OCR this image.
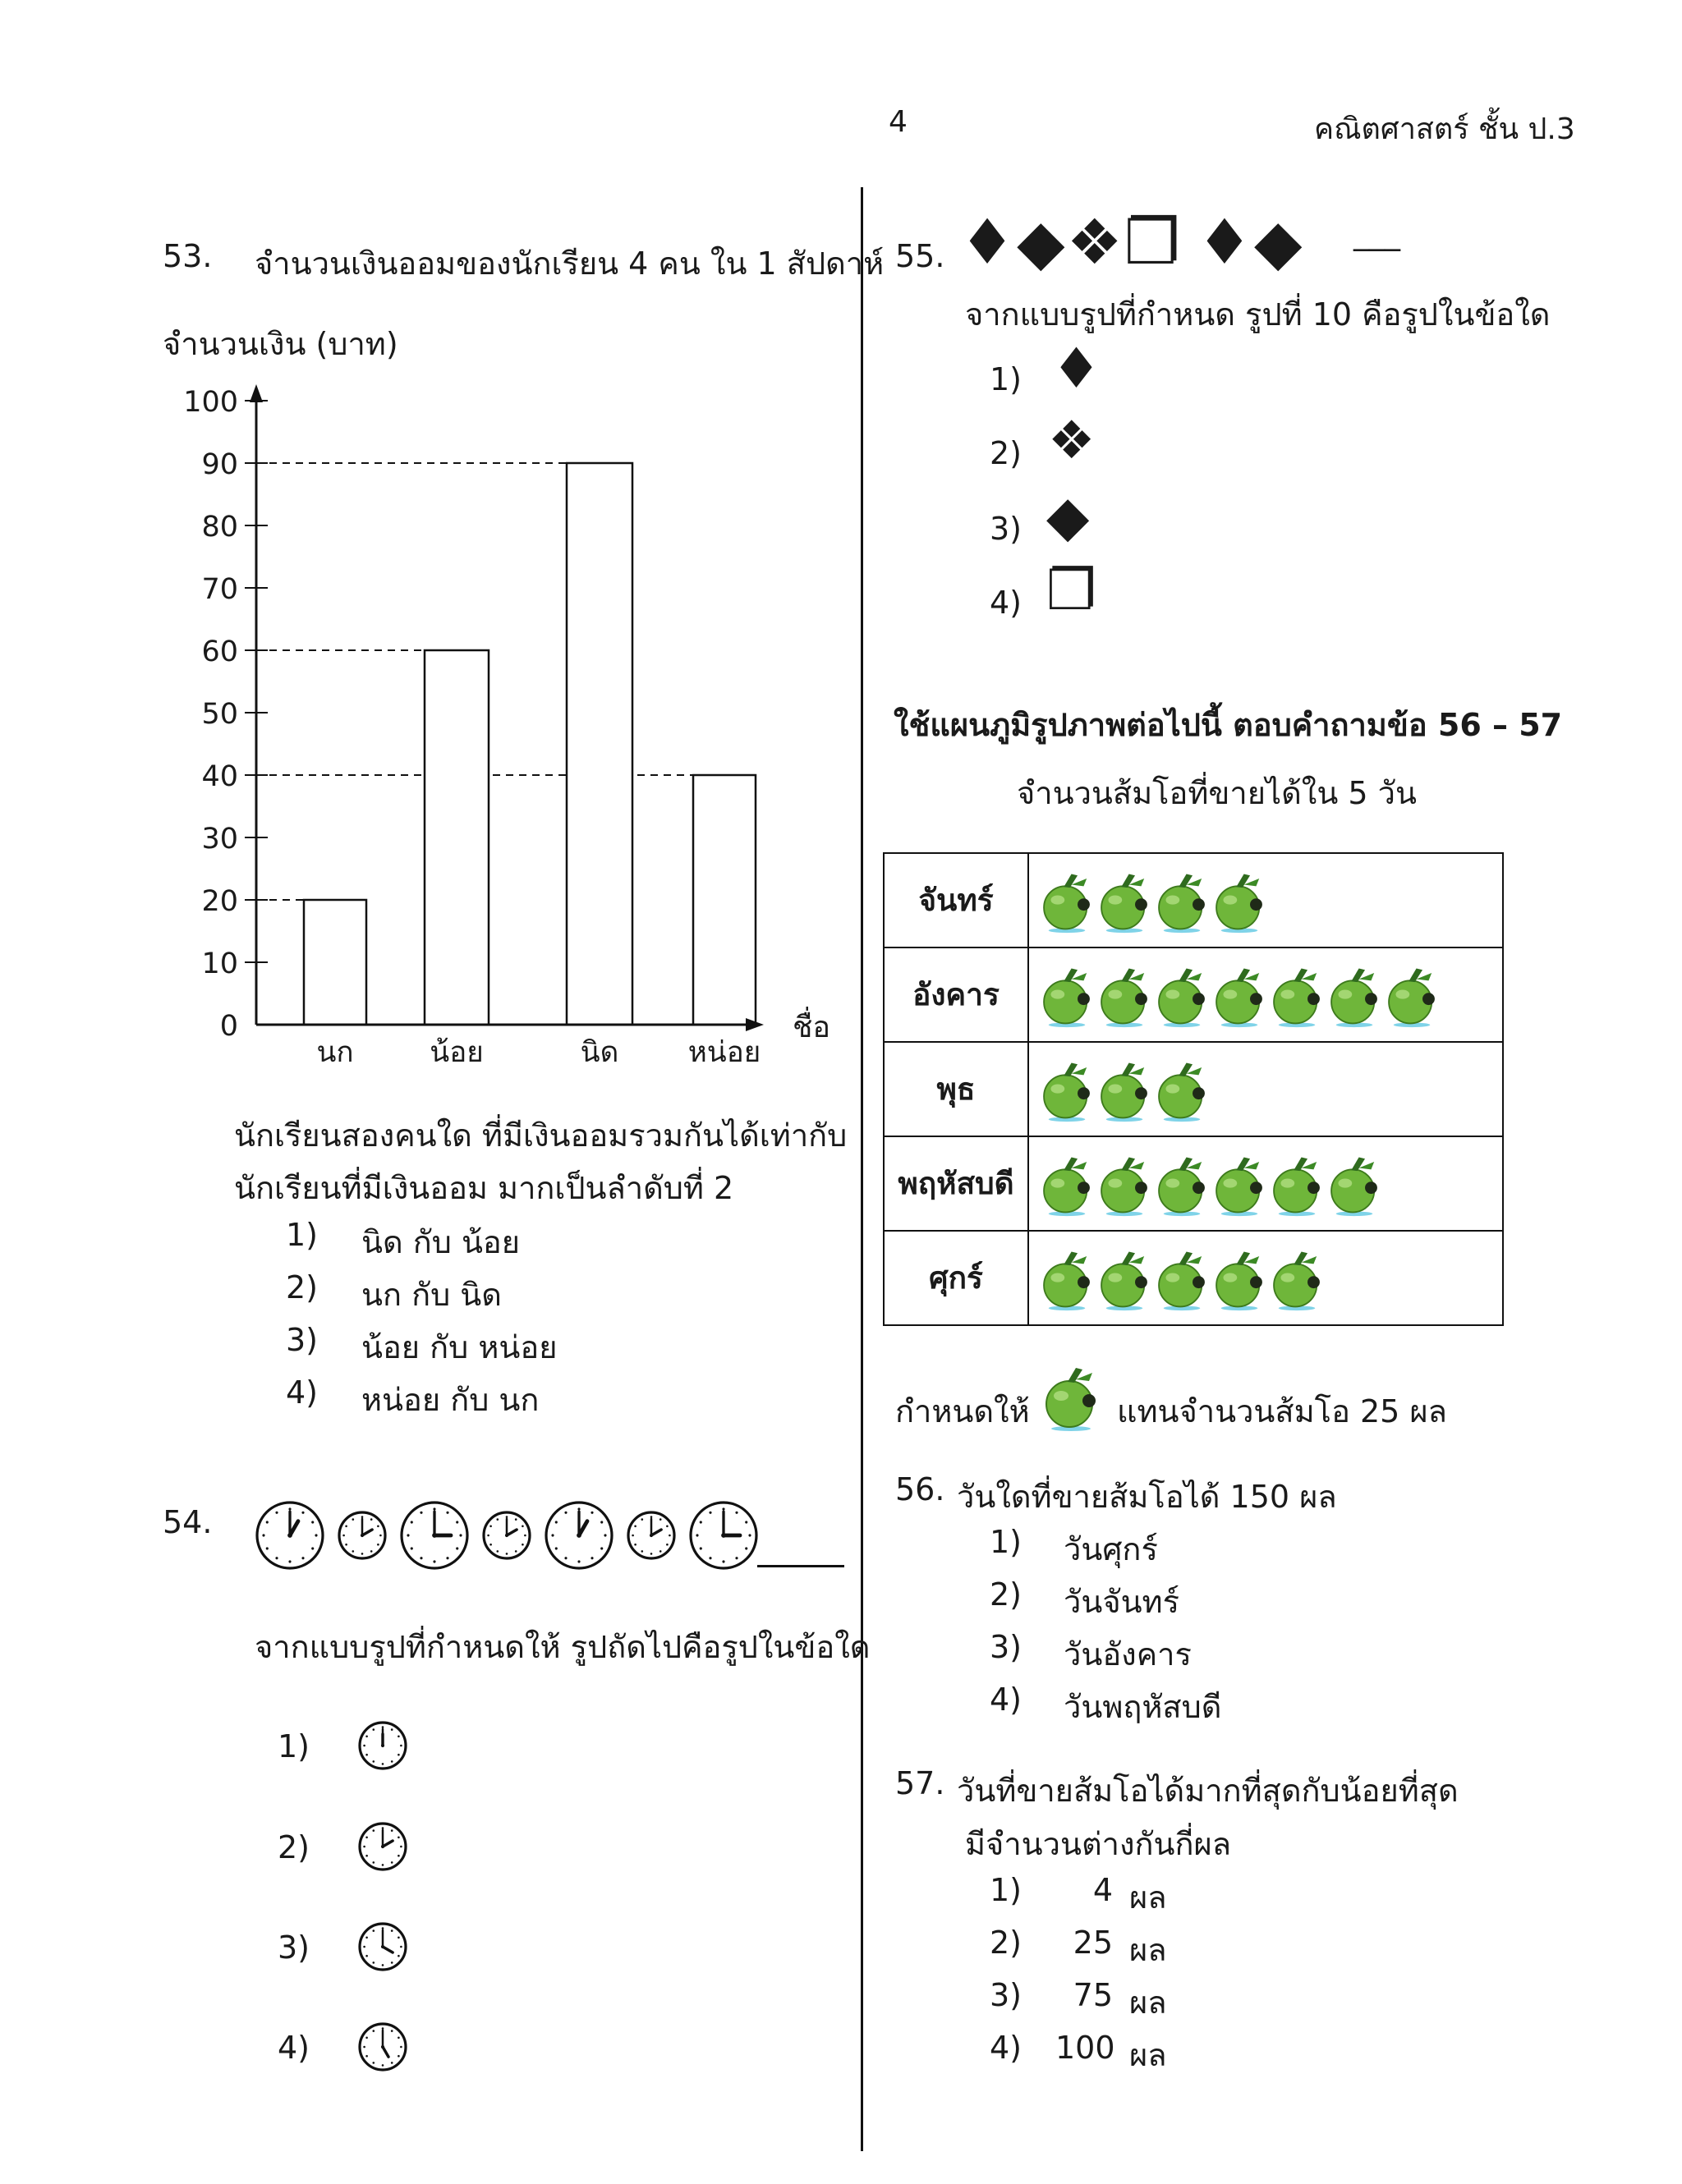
4	คณิตศาสตร์ ชั้น ป.3
53. จำนวนเงินออมของนักเรียน 4 คน ใน 1 สัปดาห์
จำนวนเงิน (บาท)
0
10
20
30
40
50
60
70
80
90
100
นก	น้อย	นิด หน่อย
ชื่อ
นักเรียนสองคนใด ที่มีเงินออมรวมกันได้เท่ากับ
นักเรียนที่มีเงินออม มากเป็นลำดับที่ 2
1) นิด กับ น้อย
2) นก กับ นิด
3) น้อย กับ หน่อย
4) หน่อย กับ นก
54.
จากแบบรูปที่กำหนดให้ รูปถัดไปคือรูปในข้อใด
1)
2)
3)
4)
55. ♦◆❖❐ ♦◆ ___
จากแบบรูปที่กำหนด รูปที่ 10 คือรูปในข้อใด
1) ♦
2) ❖
3) ◆
4) ❐
ใช้แผนภูมิรูปภาพต่อไปนี้ ตอบคำถามข้อ 56 – 57
จำนวนส้มโอที่ขายได้ใน 5 วัน
จันทร์	
อังคาร	
พุธ	
พฤหัสบดี	
ศุกร์	
กำหนดให้	แทนจำนวนส้มโอ 25 ผล
56. วันใดที่ขายส้มโอได้ 150 ผล
1) วันศุกร์
2) วันจันทร์
3) วันอังคาร
4) วันพฤหัสบดี
57. วันที่ขายส้มโอได้มากที่สุดกับน้อยที่สุด
มีจำนวนต่างกันกี่ผล
1)	4 ผล
2)	25 ผล
3)	75 ผล
4) 100 ผล
